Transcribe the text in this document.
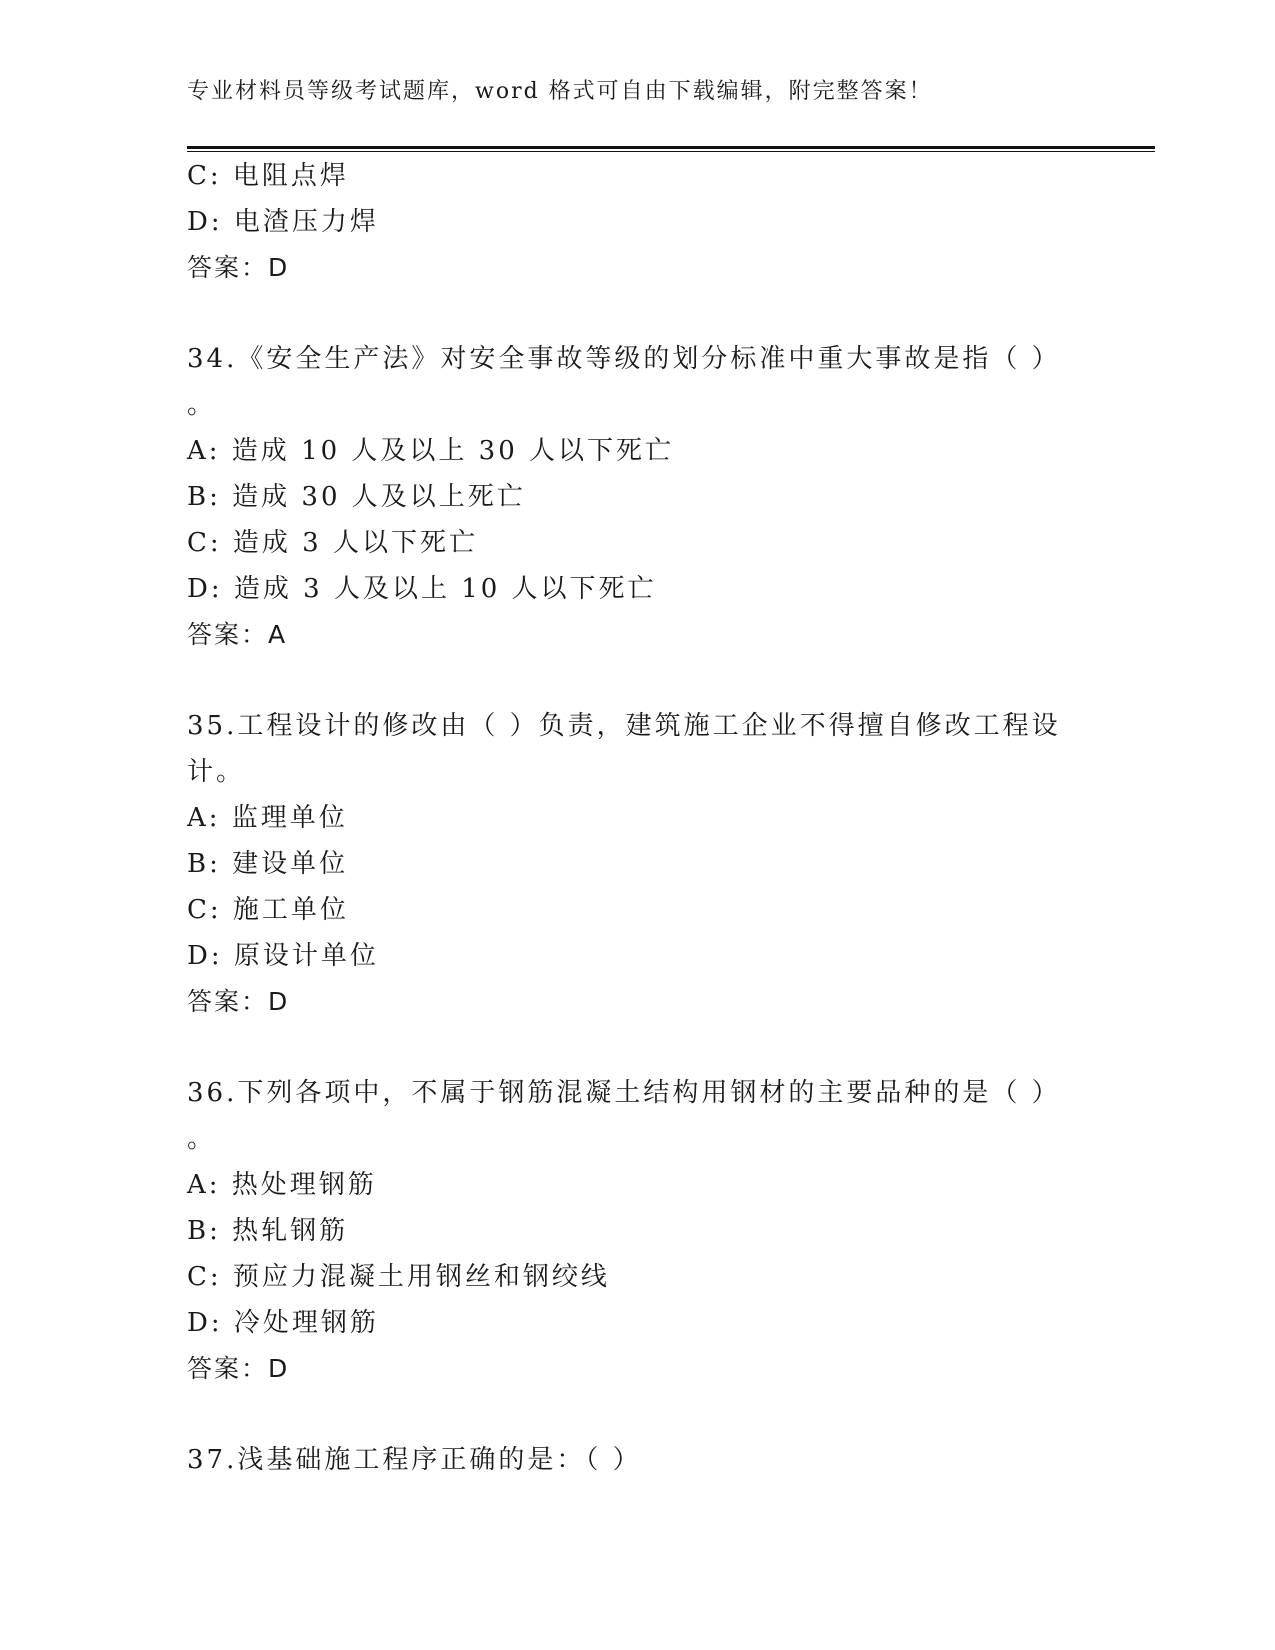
专业材料员等级考试题库，word 格式可自由下载编辑，附完整答案！
C: 电阻点焊
D: 电渣压力焊
答案：D
34.《安全生产法》对安全事故等级的划分标准中重大事故是指（ ）
。
A: 造成 10 人及以上 30 人以下死亡
B: 造成 30 人及以上死亡
C: 造成 3 人以下死亡
D: 造成 3 人及以上 10 人以下死亡
答案：A
35.工程设计的修改由（ ）负责，建筑施工企业不得擅自修改工程设
计。
A: 监理单位
B: 建设单位
C: 施工单位
D: 原设计单位
答案：D
36.下列各项中，不属于钢筋混凝土结构用钢材的主要品种的是（ ）
。
A: 热处理钢筋
B: 热轧钢筋
C: 预应力混凝土用钢丝和钢绞线
D: 冷处理钢筋
答案：D
37.浅基础施工程序正确的是：（ ）
